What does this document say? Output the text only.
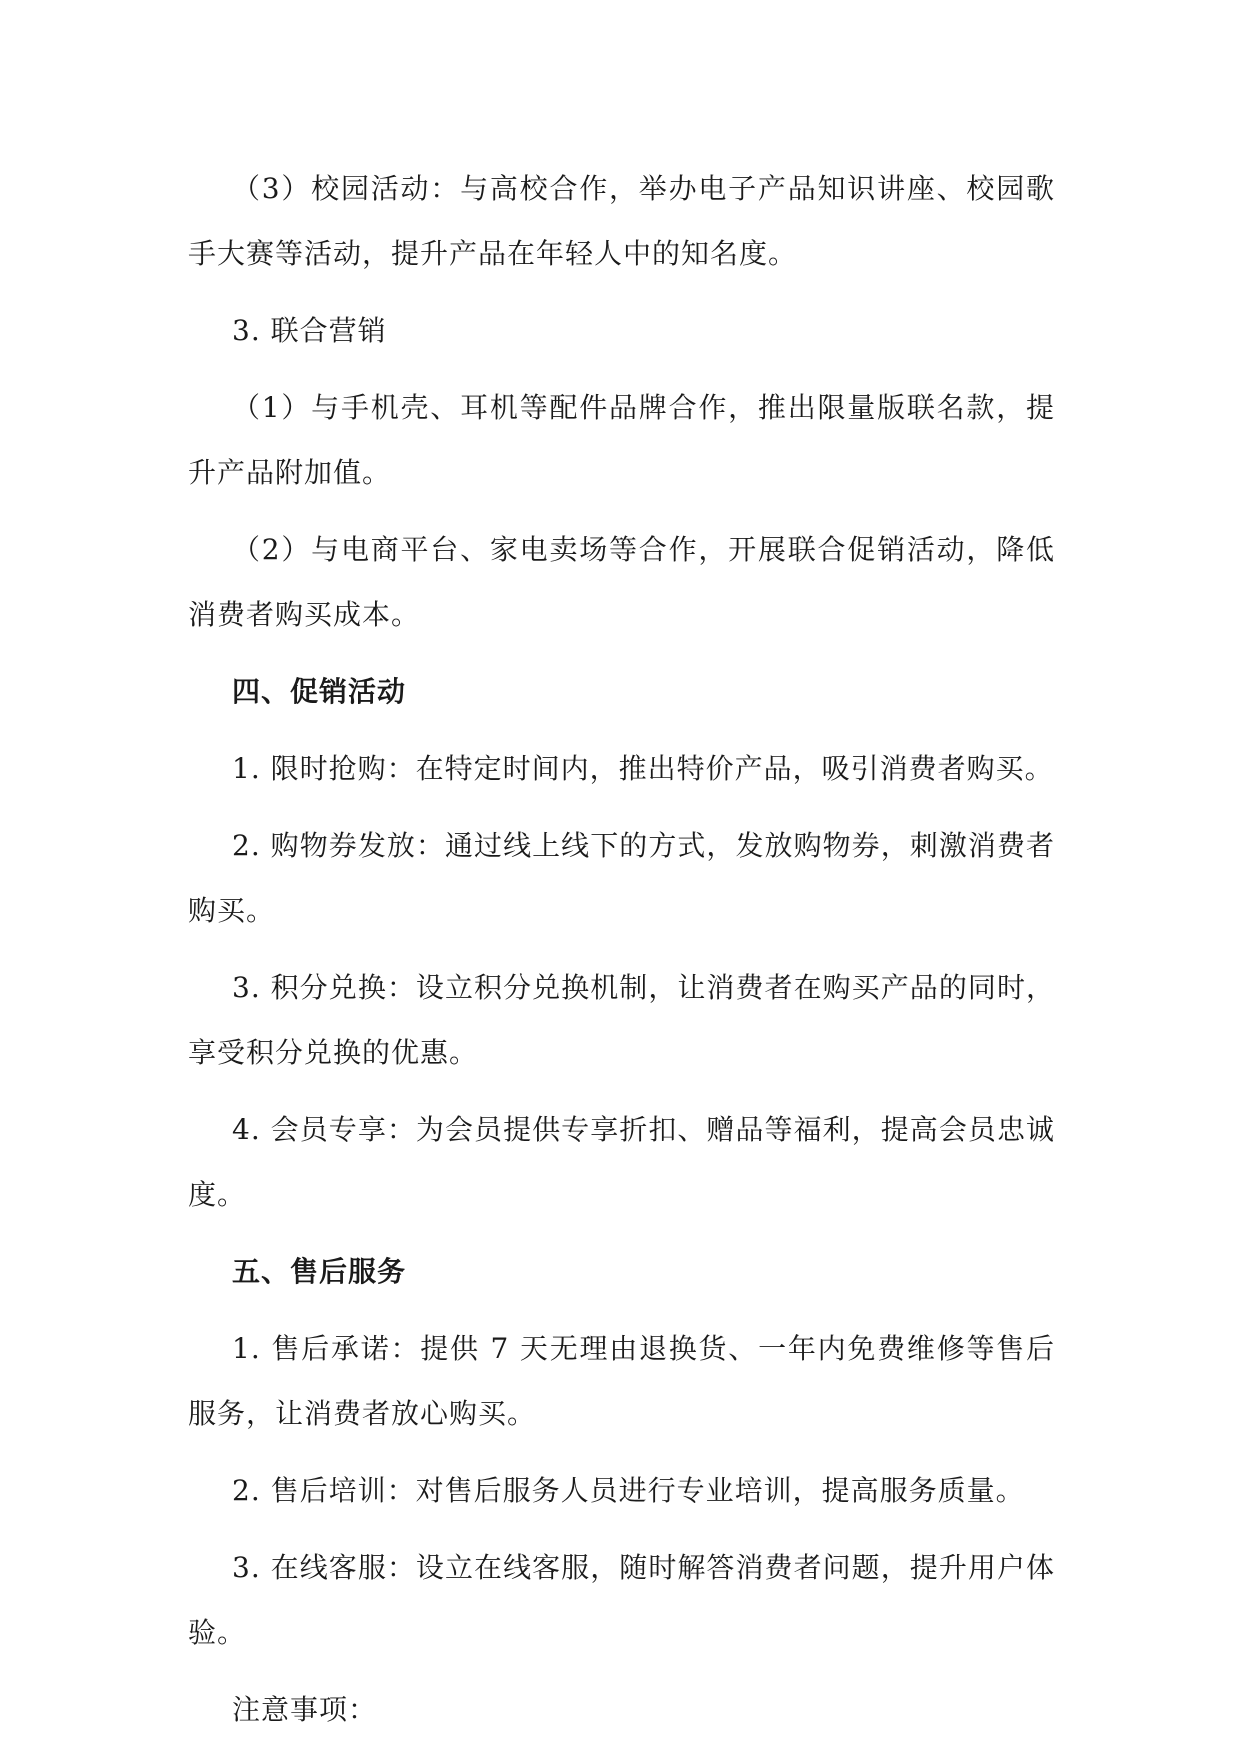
（3）校园活动：与高校合作，举办电子产品知识讲座、校园歌手大赛等活动，提升产品在年轻人中的知名度。

3. 联合营销

（1）与手机壳、耳机等配件品牌合作，推出限量版联名款，提升产品附加值。

（2）与电商平台、家电卖场等合作，开展联合促销活动，降低消费者购买成本。

四、促销活动

1. 限时抢购：在特定时间内，推出特价产品，吸引消费者购买。

2. 购物券发放：通过线上线下的方式，发放购物券，刺激消费者购买。

3. 积分兑换：设立积分兑换机制，让消费者在购买产品的同时，享受积分兑换的优惠。

4. 会员专享：为会员提供专享折扣、赠品等福利，提高会员忠诚度。

五、售后服务

1. 售后承诺：提供 7 天无理由退换货、一年内免费维修等售后服务，让消费者放心购买。

2. 售后培训：对售后服务人员进行专业培训，提高服务质量。

3. 在线客服：设立在线客服，随时解答消费者问题，提升用户体验。

注意事项：
